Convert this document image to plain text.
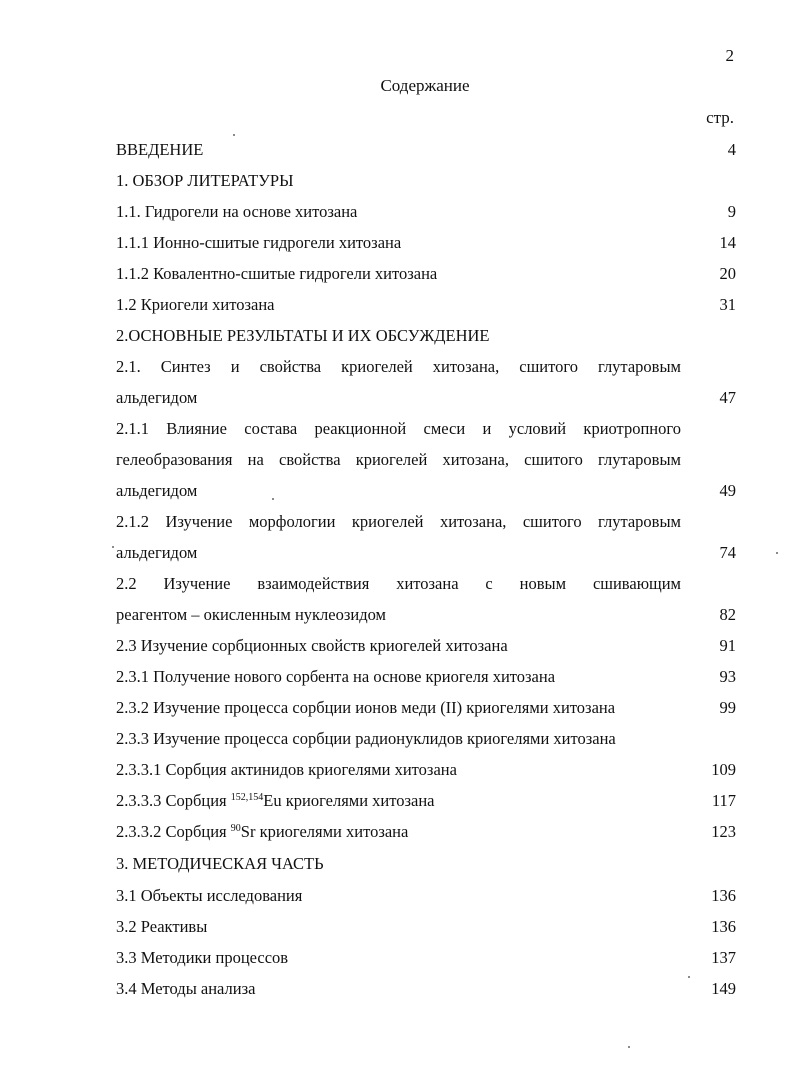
2
Содержание
стр.
ВВЕДЕНИЕ	4
1. ОБЗОР ЛИТЕРАТУРЫ
1.1. Гидрогели на основе хитозана	9
1.1.1 Ионно-сшитые гидрогели хитозана	14
1.1.2 Ковалентно-сшитые гидрогели хитозана	20
1.2 Криогели хитозана	31
2.ОСНОВНЫЕ РЕЗУЛЬТАТЫ И ИХ ОБСУЖДЕНИЕ
2.1. Синтез и свойства криогелей хитозана, сшитого глутаровым
альдегидом	47
2.1.1 Влияние состава реакционной смеси и условий криотропного
гелеобразования на свойства криогелей хитозана, сшитого глутаровым
альдегидом	49
2.1.2 Изучение морфологии криогелей хитозана, сшитого глутаровым
альдегидом	74
2.2 Изучение взаимодействия хитозана с новым сшивающим
реагентом – окисленным нуклеозидом	82
2.3 Изучение сорбционных свойств криогелей хитозана	91
2.3.1 Получение нового сорбента на основе криогеля хитозана	93
2.3.2 Изучение процесса сорбции ионов меди (II) криогелями хитозана	99
2.3.3 Изучение процесса сорбции радионуклидов криогелями хитозана
2.3.3.1 Сорбция актинидов криогелями хитозана	109
2.3.3.3 Сорбция $^{152,154}$Eu криогелями хитозана	117
2.3.3.2 Сорбция $^{90}$Sr криогелями хитозана	123
3. МЕТОДИЧЕСКАЯ ЧАСТЬ
3.1 Объекты исследования	136
3.2 Реактивы	136
3.3 Методики процессов	137
3.4 Методы анализа	149
